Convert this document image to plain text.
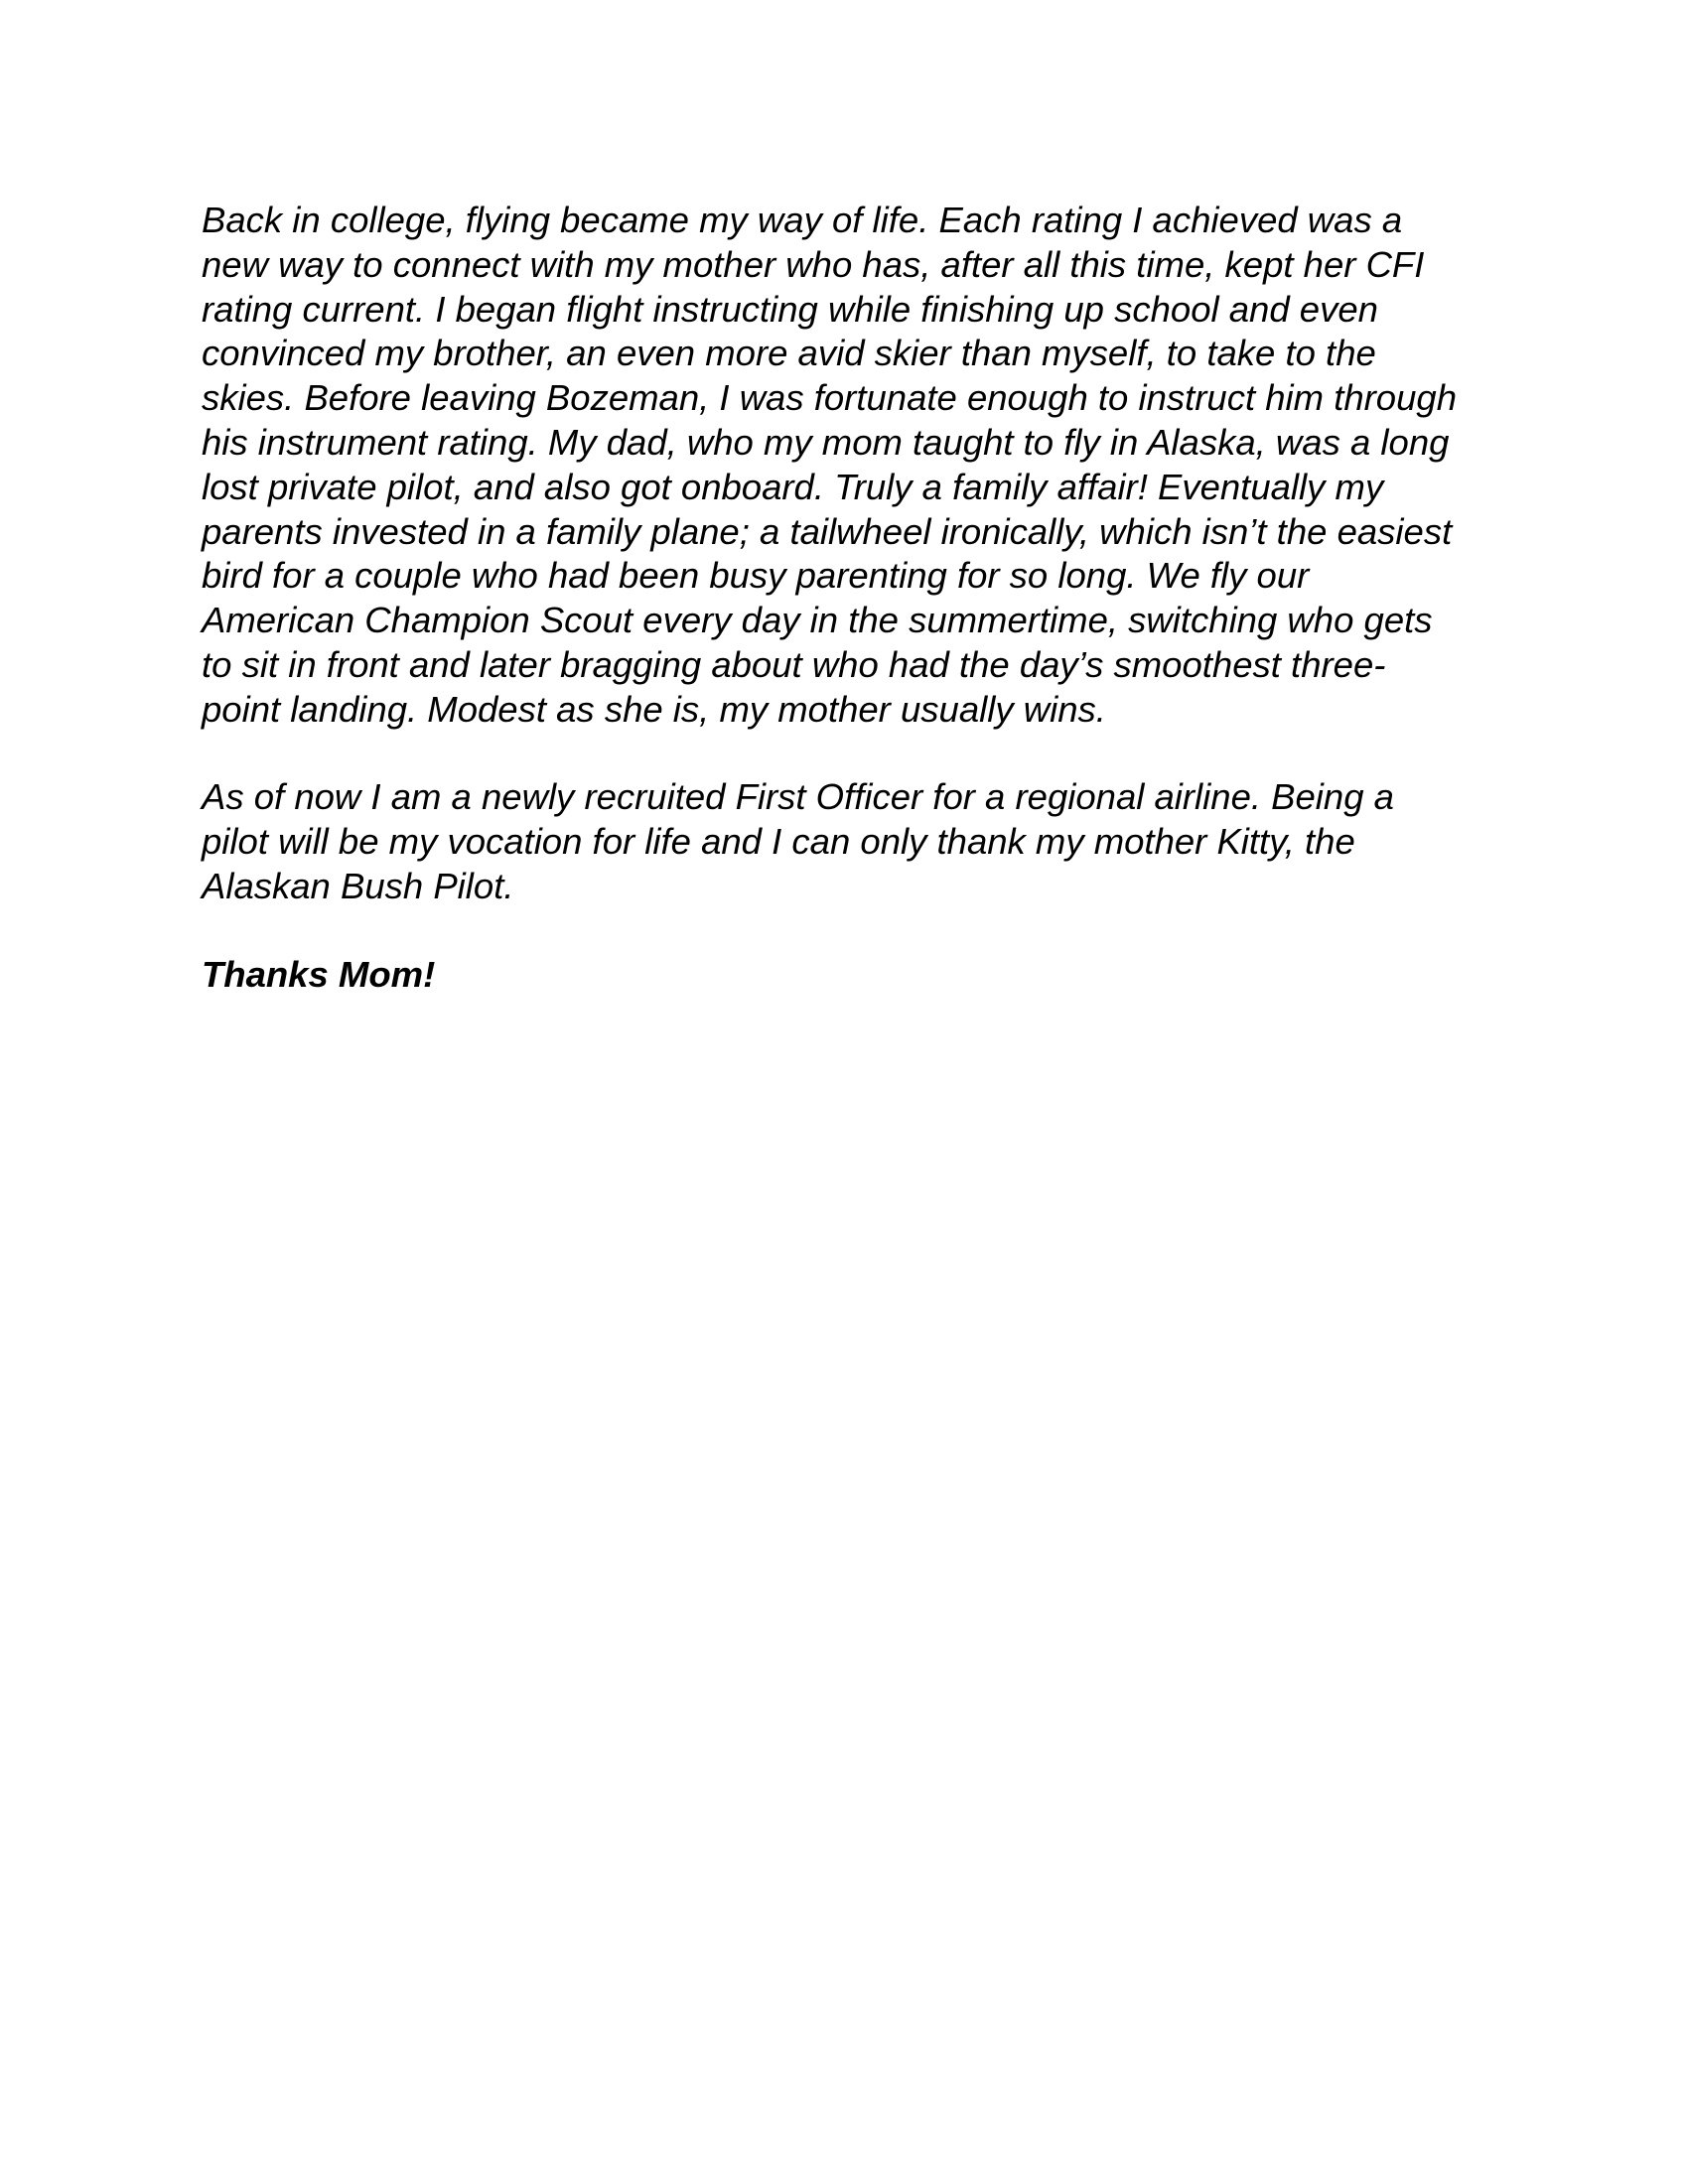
Back in college, flying became my way of life. Each rating I achieved was a
new way to connect with my mother who has, after all this time, kept her CFI
rating current. I began flight instructing while finishing up school and even
convinced my brother, an even more avid skier than myself, to take to the
skies. Before leaving Bozeman, I was fortunate enough to instruct him through
his instrument rating. My dad, who my mom taught to fly in Alaska, was a long
lost private pilot, and also got onboard. Truly a family affair! Eventually my
parents invested in a family plane; a tailwheel ironically, which isn’t the easiest
bird for a couple who had been busy parenting for so long. We fly our
American Champion Scout every day in the summertime, switching who gets
to sit in front and later bragging about who had the day’s smoothest three-
point landing. Modest as she is, my mother usually wins.

As of now I am a newly recruited First Officer for a regional airline. Being a
pilot will be my vocation for life and I can only thank my mother Kitty, the
Alaskan Bush Pilot.

Thanks Mom!
